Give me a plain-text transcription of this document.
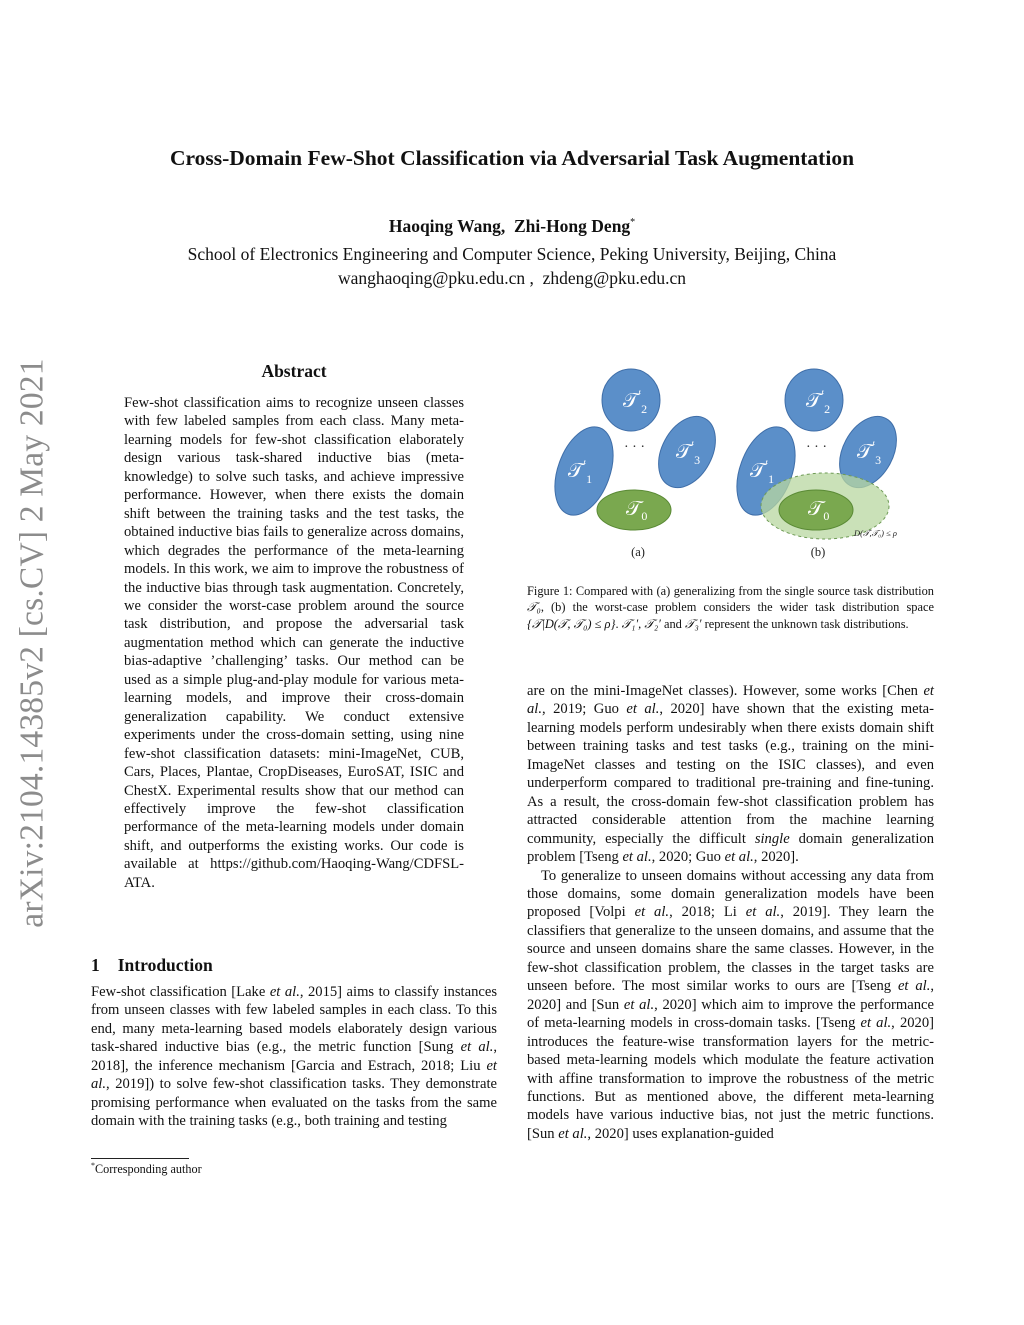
arXiv:2104.14385v2 [cs.CV] 2 May 2021
Cross-Domain Few-Shot Classification via Adversarial Task Augmentation
Haoqing Wang,  Zhi-Hong Deng*
School of Electronics Engineering and Computer Science, Peking University, Beijing, China
wanghaoqing@pku.edu.cn ,  zhdeng@pku.edu.cn
Abstract

Few-shot classification aims to recognize unseen classes with few labeled samples from each class. Many meta-learning models for few-shot classification elaborately design various task-shared inductive bias (meta-knowledge) to solve such tasks, and achieve impressive performance. However, when there exists the domain shift between the training tasks and the test tasks, the obtained inductive bias fails to generalize across domains, which degrades the performance of the meta-learning models. In this work, we aim to improve the robustness of the inductive bias through task augmentation. Concretely, we consider the worst-case problem around the source task distribution, and propose the adversarial task augmentation method which can generate the inductive bias-adaptive ’challenging’ tasks. Our method can be used as a simple plug-and-play module for various meta-learning models, and improve their cross-domain generalization capability. We conduct extensive experiments under the cross-domain setting, using nine few-shot classification datasets: mini-ImageNet, CUB, Cars, Places, Plantae, CropDiseases, EuroSAT, ISIC and ChestX. Experimental results show that our method can effectively improve the few-shot classification performance of the meta-learning models under domain shift, and outperforms the existing works. Our code is available at https://github.com/Haoqing-Wang/CDFSL-ATA.

1 Introduction

Few-shot classification [Lake et al., 2015] aims to classify instances from unseen classes with few labeled samples in each class. To this end, many meta-learning based models elaborately design various task-shared inductive bias (e.g., the metric function [Sung et al., 2018], the inference mechanism [Garcia and Estrach, 2018; Liu et al., 2019]) to solve few-shot classification tasks. They demonstrate promising performance when evaluated on the tasks from the same domain with the training tasks (e.g., both training and testing

*Corresponding author
𝒯′$_2$
𝒯′$_1$
𝒯′$_3$
· · ·
𝒯$_0$
(a)
𝒯′$_2$
𝒯′$_3$
· · ·
𝒯′$_1$
𝒯$_0$
D(𝒯,𝒯₀) ≤ ρ
(b)
Figure 1: Compared with (a) generalizing from the single source task distribution 𝒯₀, (b) the worst-case problem considers the wider task distribution space {𝒯|D(𝒯, 𝒯₀) ≤ ρ}. 𝒯₁′, 𝒯₂′ and 𝒯₃′ represent the unknown task distributions.

are on the mini-ImageNet classes). However, some works [Chen et al., 2019; Guo et al., 2020] have shown that the existing meta-learning models perform undesirably when there exists domain shift between training tasks and test tasks (e.g., training on the mini-ImageNet classes and testing on the ISIC classes), and even underperform compared to traditional pre-training and fine-tuning. As a result, the cross-domain few-shot classification problem has attracted considerable attention from the machine learning community, especially the difficult single domain generalization problem [Tseng et al., 2020; Guo et al., 2020].

To generalize to unseen domains without accessing any data from those domains, some domain generalization models have been proposed [Volpi et al., 2018; Li et al., 2019]. They learn the classifiers that generalize to the unseen domains, and assume that the source and unseen domains share the same classes. However, in the few-shot classification problem, the classes in the target tasks are unseen before. The most similar works to ours are [Tseng et al., 2020] and [Sun et al., 2020] which aim to improve the performance of meta-learning models in cross-domain tasks. [Tseng et al., 2020] introduces the feature-wise transformation layers for the metric-based meta-learning models which modulate the feature activation with affine transformation to improve the robustness of the metric functions. But as mentioned above, the different meta-learning models have various inductive bias, not just the metric functions. [Sun et al., 2020] uses explanation-guided
